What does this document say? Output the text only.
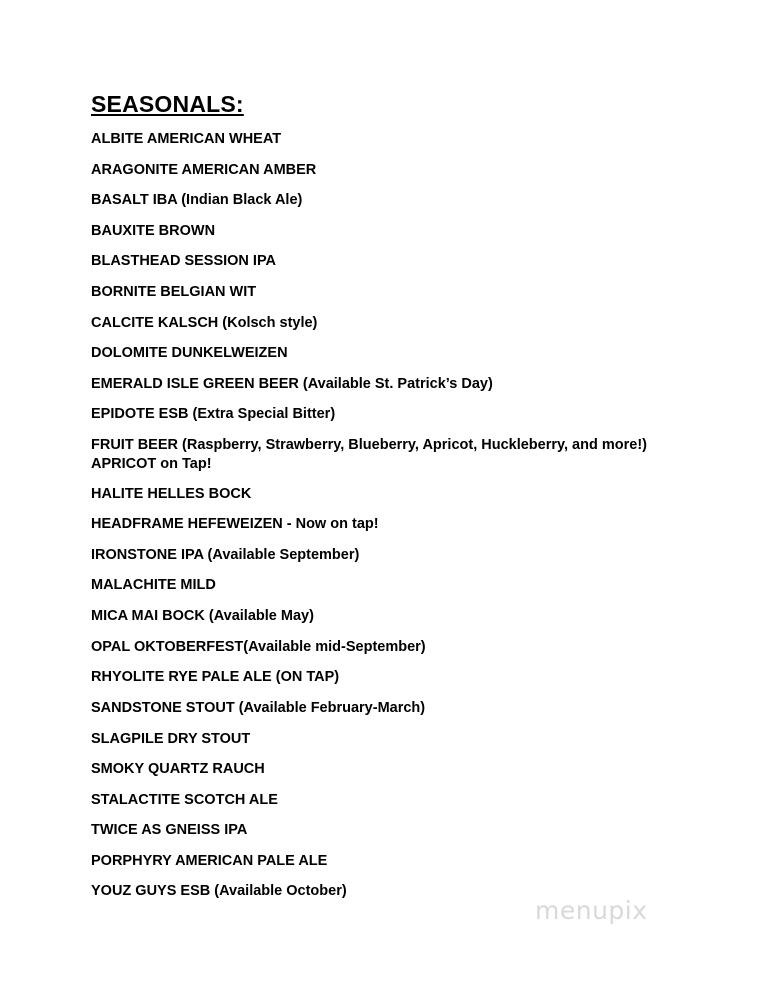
SEASONALS:
ALBITE AMERICAN WHEAT
ARAGONITE AMERICAN AMBER
BASALT IBA (Indian Black Ale)
BAUXITE BROWN
BLASTHEAD SESSION IPA
BORNITE BELGIAN WIT
CALCITE KALSCH (Kolsch style)
DOLOMITE DUNKELWEIZEN
EMERALD ISLE GREEN BEER (Available St. Patrick’s Day)
EPIDOTE ESB (Extra Special Bitter)
FRUIT BEER (Raspberry, Strawberry, Blueberry, Apricot, Huckleberry, and more!)
APRICOT on Tap!
HALITE HELLES BOCK
HEADFRAME HEFEWEIZEN - Now on tap!
IRONSTONE IPA (Available September)
MALACHITE MILD
MICA MAI BOCK (Available May)
OPAL OKTOBERFEST(Available mid-September)
RHYOLITE RYE PALE ALE (ON TAP)
SANDSTONE STOUT (Available February-March)
SLAGPILE DRY STOUT
SMOKY QUARTZ RAUCH
STALACTITE SCOTCH ALE
TWICE AS GNEISS IPA
PORPHYRY AMERICAN PALE ALE
YOUZ GUYS ESB (Available October)
menupix
